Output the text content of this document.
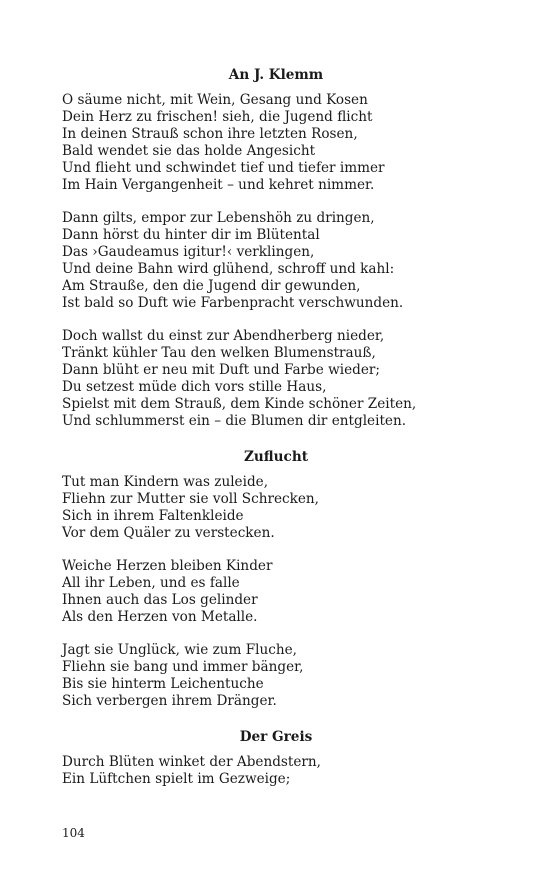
An J. Klemm
O säume nicht, mit Wein, Gesang und Kosen
Dein Herz zu frischen! sieh, die Jugend flicht
In deinen Strauß schon ihre letzten Rosen,
Bald wendet sie das holde Angesicht
Und flieht und schwindet tief und tiefer immer
Im Hain Vergangenheit – und kehret nimmer.
Dann gilts, empor zur Lebenshöh zu dringen,
Dann hörst du hinter dir im Blütental
Das ›Gaudeamus igitur!‹ verklingen,
Und deine Bahn wird glühend, schroff und kahl:
Am Strauße, den die Jugend dir gewunden,
Ist bald so Duft wie Farbenpracht verschwunden.
Doch wallst du einst zur Abendherberg nieder,
Tränkt kühler Tau den welken Blumenstrauß,
Dann blüht er neu mit Duft und Farbe wieder;
Du setzest müde dich vors stille Haus,
Spielst mit dem Strauß, dem Kinde schöner Zeiten,
Und schlummerst ein – die Blumen dir entgleiten.
Zuflucht
Tut man Kindern was zuleide,
Fliehn zur Mutter sie voll Schrecken,
Sich in ihrem Faltenkleide
Vor dem Quäler zu verstecken.
Weiche Herzen bleiben Kinder
All ihr Leben, und es falle
Ihnen auch das Los gelinder
Als den Herzen von Metalle.
Jagt sie Unglück, wie zum Fluche,
Fliehn sie bang und immer bänger,
Bis sie hinterm Leichentuche
Sich verbergen ihrem Dränger.
Der Greis
Durch Blüten winket der Abendstern,
Ein Lüftchen spielt im Gezweige;
104
